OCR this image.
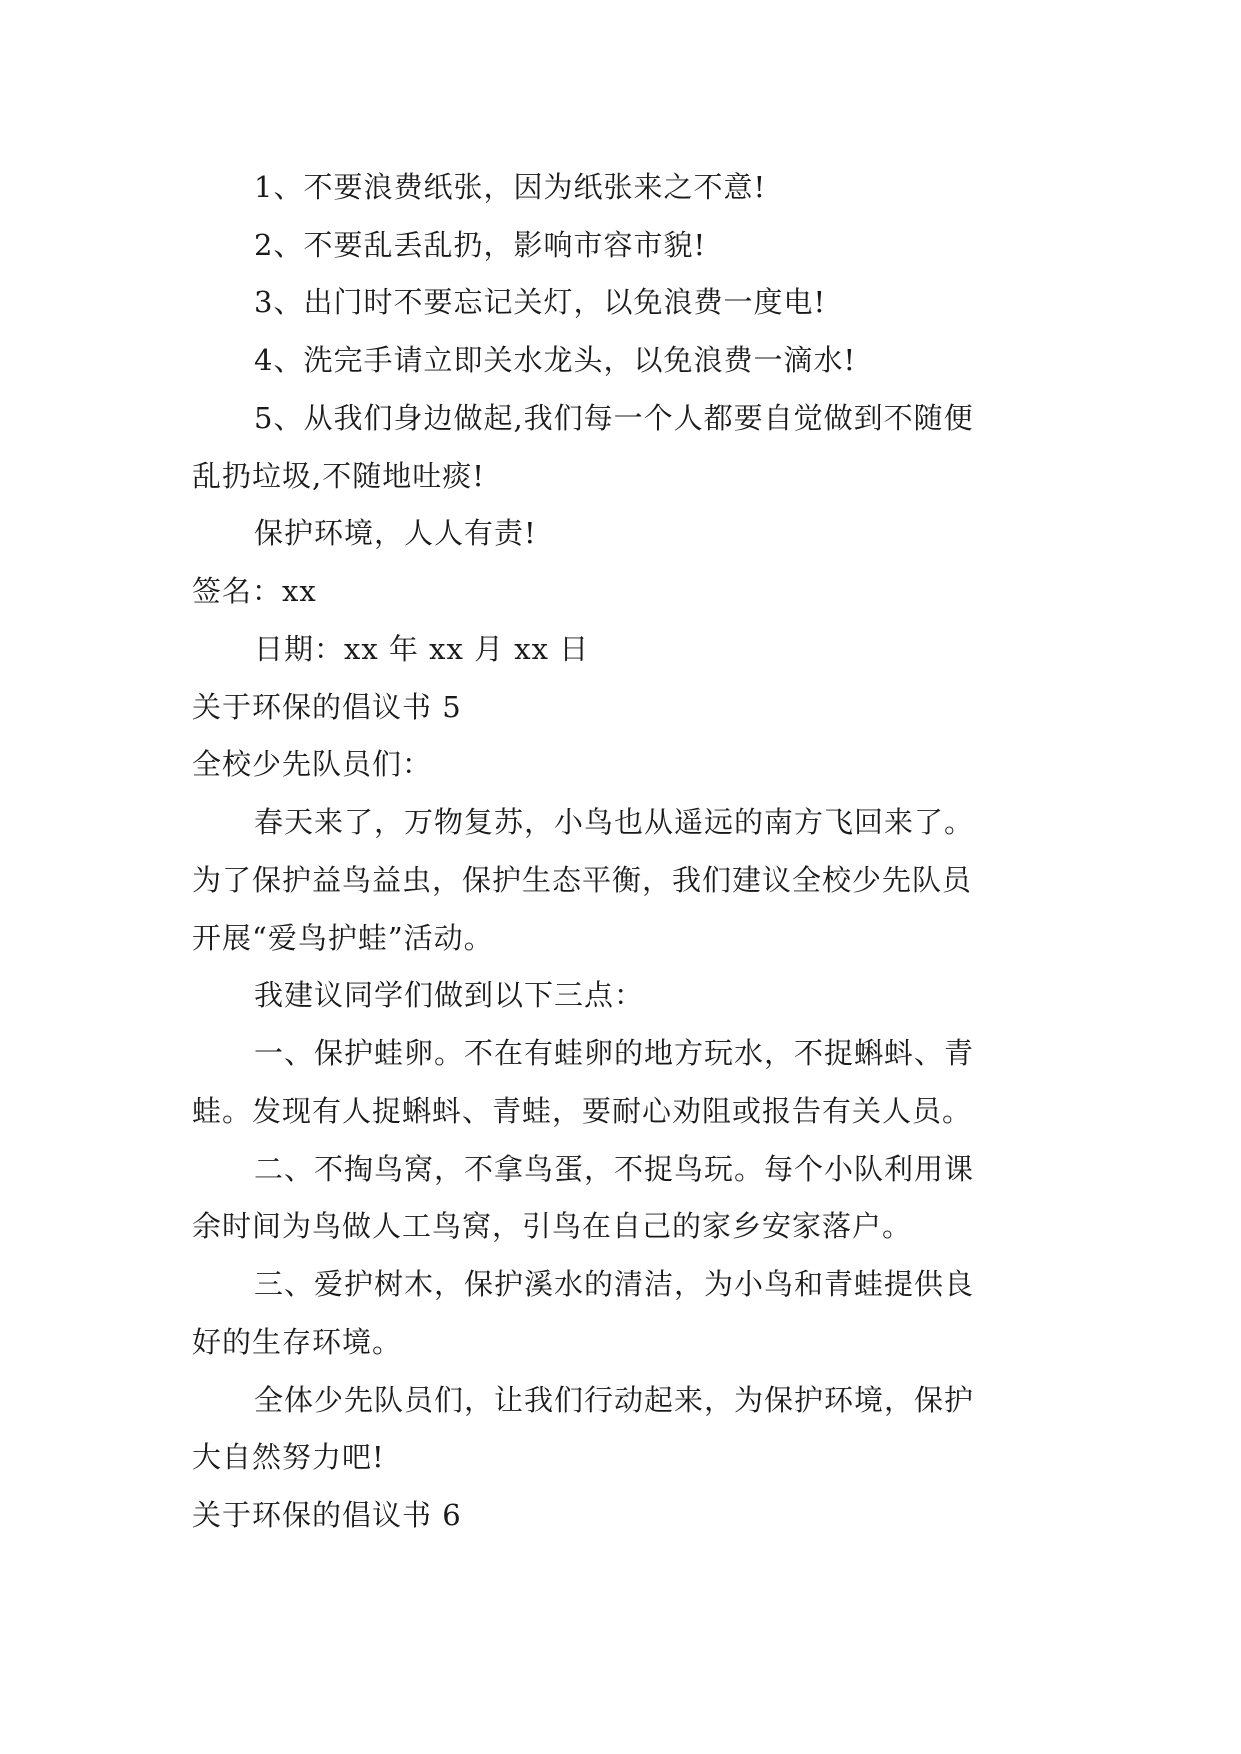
1、不要浪费纸张，因为纸张来之不意!
2、不要乱丢乱扔，影响市容市貌!
3、出门时不要忘记关灯，以免浪费一度电!
4、洗完手请立即关水龙头，以免浪费一滴水!
5、从我们身边做起,我们每一个人都要自觉做到不随便
乱扔垃圾,不随地吐痰!
保护环境，人人有责!
签名：xx
日期：xx 年 xx 月 xx 日
关于环保的倡议书 5
全校少先队员们：
春天来了，万物复苏，小鸟也从遥远的南方飞回来了。
为了保护益鸟益虫，保护生态平衡，我们建议全校少先队员
开展“爱鸟护蛙”活动。
我建议同学们做到以下三点：
一、保护蛙卵。不在有蛙卵的地方玩水，不捉蝌蚪、青
蛙。发现有人捉蝌蚪、青蛙，要耐心劝阻或报告有关人员。
二、不掏鸟窝，不拿鸟蛋，不捉鸟玩。每个小队利用课
余时间为鸟做人工鸟窝，引鸟在自己的家乡安家落户。
三、爱护树木，保护溪水的清洁，为小鸟和青蛙提供良
好的生存环境。
全体少先队员们，让我们行动起来，为保护环境，保护
大自然努力吧!
关于环保的倡议书 6
